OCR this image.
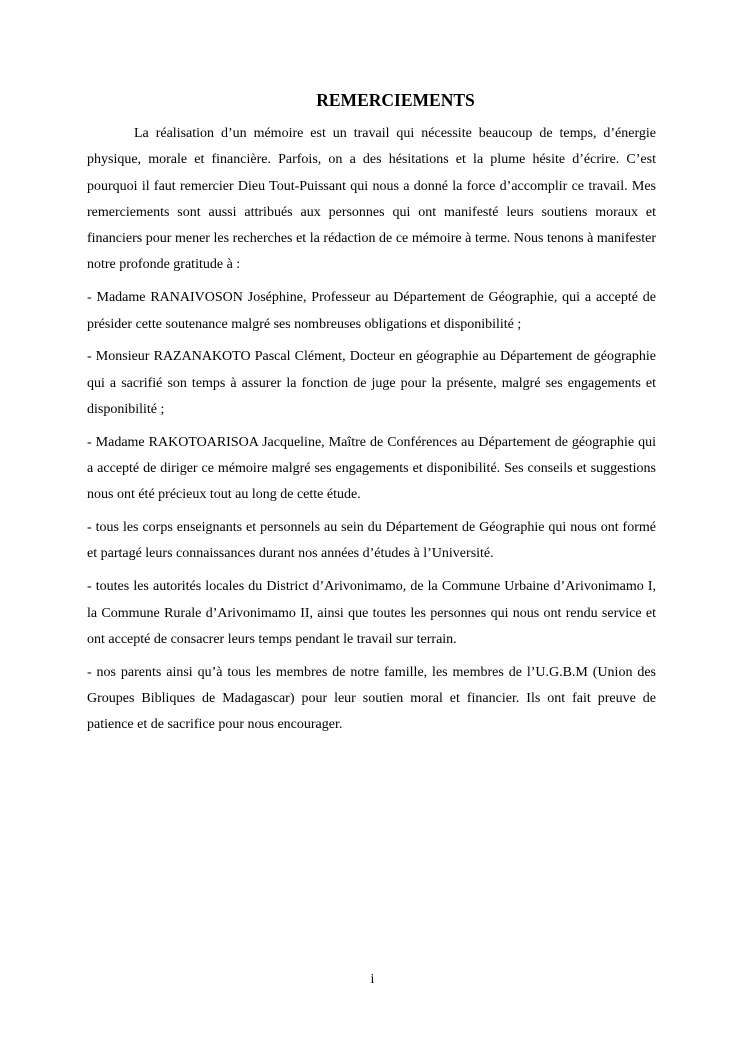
REMERCIEMENTS

La réalisation d’un mémoire est un travail qui nécessite beaucoup de temps, d’énergie physique, morale et financière. Parfois, on a des hésitations et la plume hésite d’écrire. C’est pourquoi il faut remercier Dieu Tout-Puissant qui nous a donné la force d’accomplir ce travail. Mes remerciements sont aussi attribués aux personnes qui ont manifesté leurs soutiens moraux et financiers pour mener les recherches et la rédaction de ce mémoire à terme. Nous tenons à manifester notre profonde gratitude à :

- Madame RANAIVOSON Joséphine, Professeur au Département de Géographie, qui a accepté de présider cette soutenance malgré ses nombreuses obligations et disponibilité ;

- Monsieur RAZANAKOTO Pascal Clément, Docteur en géographie au Département de géographie qui a sacrifié son temps à assurer la fonction de juge pour la présente, malgré ses engagements et disponibilité ;

- Madame RAKOTOARISOA Jacqueline, Maître de Conférences au Département de géographie qui a accepté de diriger ce mémoire malgré ses engagements et disponibilité. Ses conseils et suggestions nous ont été précieux tout au long de cette étude.

- tous les corps enseignants et personnels au sein du Département de Géographie qui nous ont formé et partagé leurs connaissances durant nos années d’études à l’Université.

- toutes les autorités locales du District d’Arivonimamo, de la Commune Urbaine d’Arivonimamo I, la Commune Rurale d’Arivonimamo II, ainsi que toutes les personnes qui nous ont rendu service et ont accepté de consacrer leurs temps pendant le travail sur terrain.

- nos parents ainsi qu’à tous les membres de notre famille, les membres de l’U.G.B.M (Union des Groupes Bibliques de Madagascar) pour leur soutien moral et financier. Ils ont fait preuve de patience et de sacrifice pour nous encourager.

i
